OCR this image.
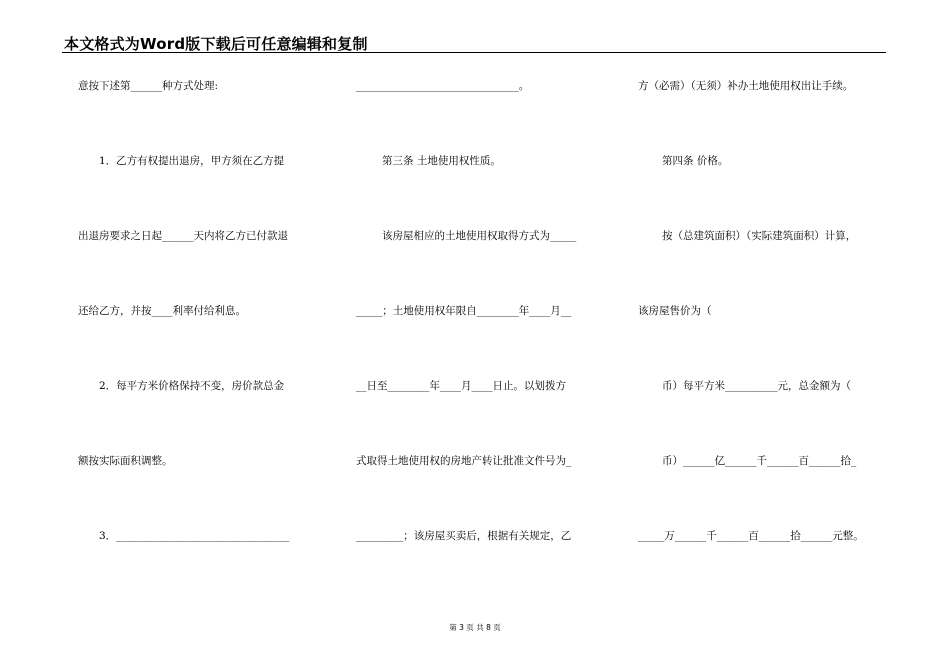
本文格式为Word版下载后可任意编辑和复制
意按下述第______种方式处理:
1．乙方有权提出退房，甲方须在乙方提
出退房要求之日起______天内将乙方已付款退
还给乙方，并按____利率付给利息。
2．每平方米价格保持不变，房价款总金
额按实际面积调整。
3．_________________________________
_______________________________。
第三条 土地使用权性质。
该房屋相应的土地使用权取得方式为_____
_____；土地使用权年限自________年____月__
__日至________年____月____日止。以划拨方
式取得土地使用权的房地产转让批准文件号为_
_________；该房屋买卖后，根据有关规定，乙
方（必需）（无须）补办土地使用权出让手续。
第四条 价格。
按（总建筑面积）（实际建筑面积）计算，
该房屋售价为（
币）每平方米__________元，总金额为（
币）______亿______千______百______拾_
_____万______千______百______拾______元整。
第 3 页 共 8 页
